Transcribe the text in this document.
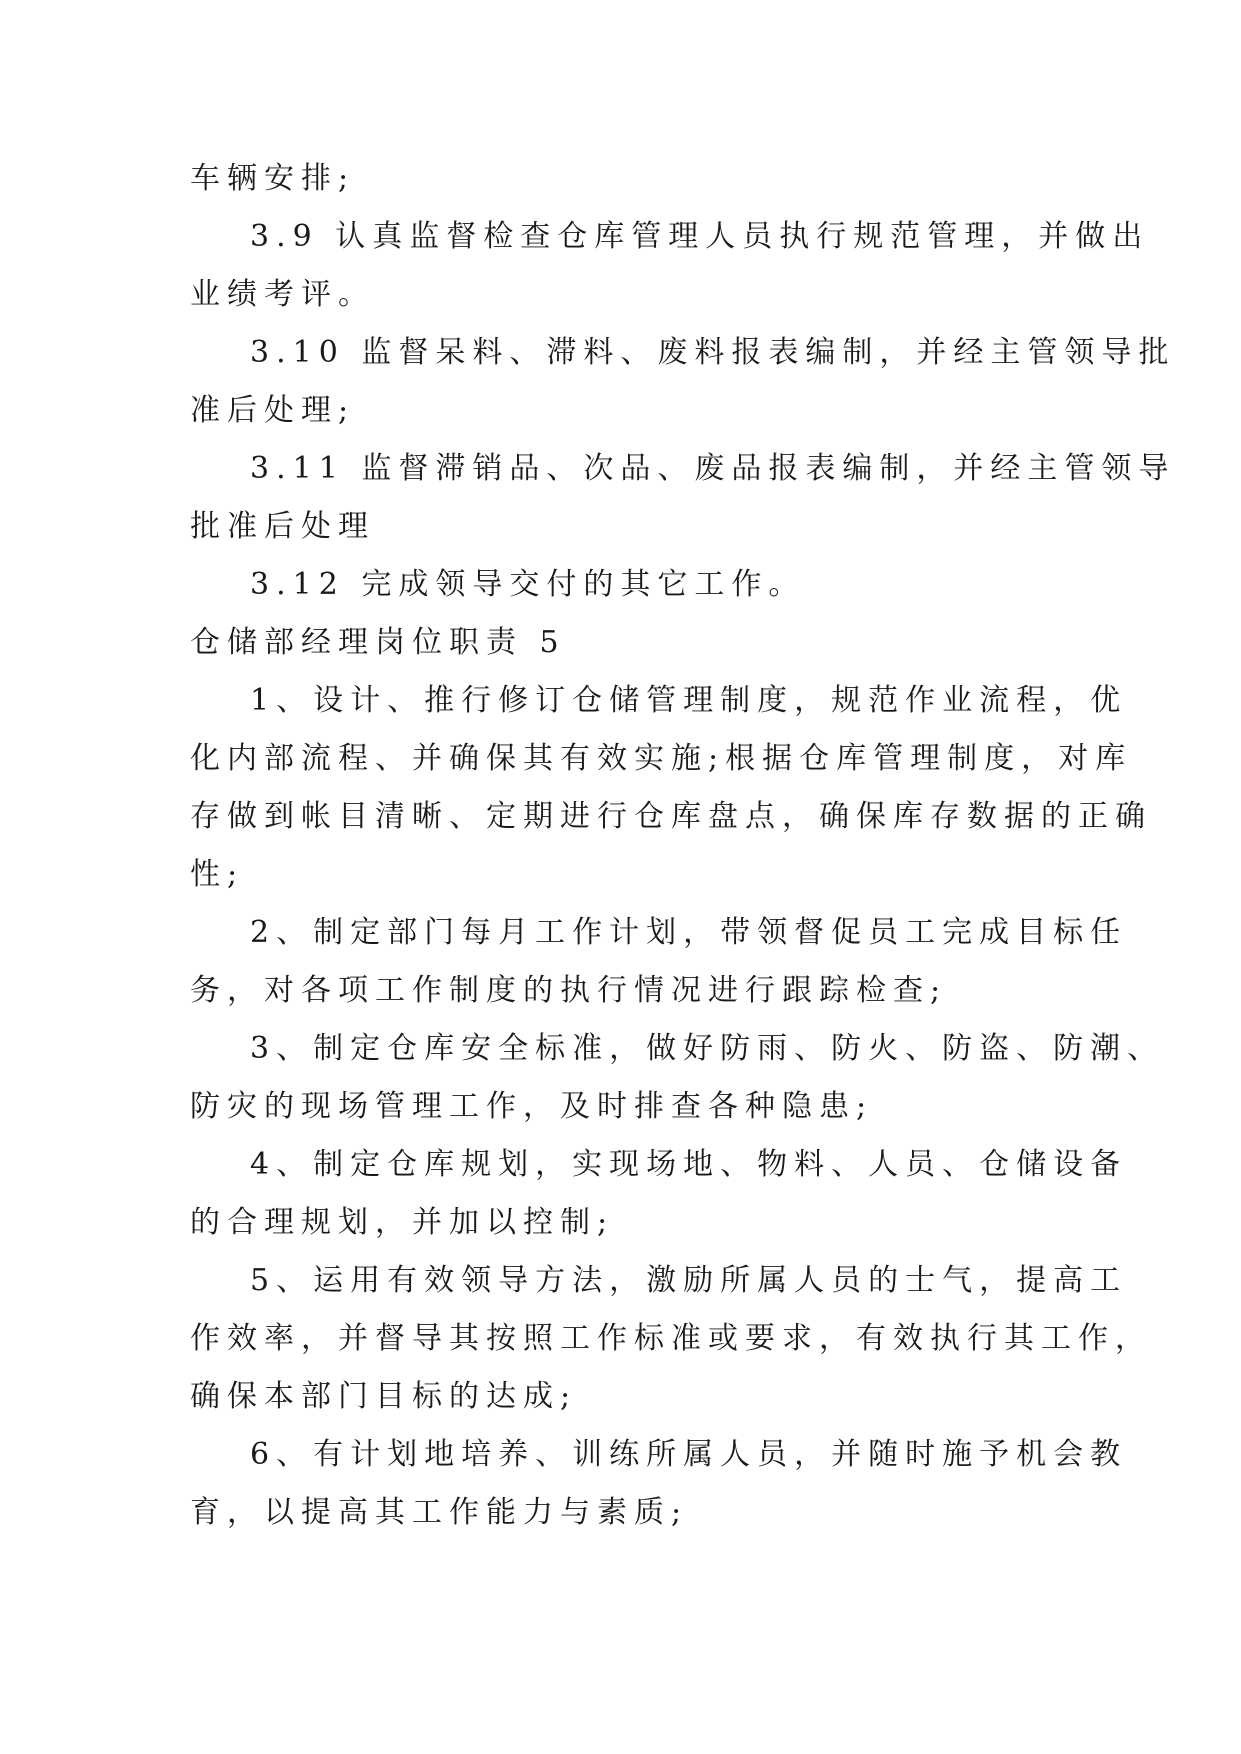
车辆安排;
3.9 认真监督检查仓库管理人员执行规范管理，并做出
业绩考评。
3.10 监督呆料、滞料、废料报表编制，并经主管领导批
准后处理;
3.11 监督滞销品、次品、废品报表编制，并经主管领导
批准后处理
3.12 完成领导交付的其它工作。
仓储部经理岗位职责 5
1、设计、推行修订仓储管理制度，规范作业流程，优
化内部流程、并确保其有效实施;根据仓库管理制度，对库
存做到帐目清晰、定期进行仓库盘点，确保库存数据的正确
性;
2、制定部门每月工作计划，带领督促员工完成目标任
务，对各项工作制度的执行情况进行跟踪检查;
3、制定仓库安全标准，做好防雨、防火、防盗、防潮、
防灾的现场管理工作，及时排查各种隐患;
4、制定仓库规划，实现场地、物料、人员、仓储设备
的合理规划，并加以控制;
5、运用有效领导方法，激励所属人员的士气，提高工
作效率，并督导其按照工作标准或要求，有效执行其工作，
确保本部门目标的达成;
6、有计划地培养、训练所属人员，并随时施予机会教
育，以提高其工作能力与素质;
